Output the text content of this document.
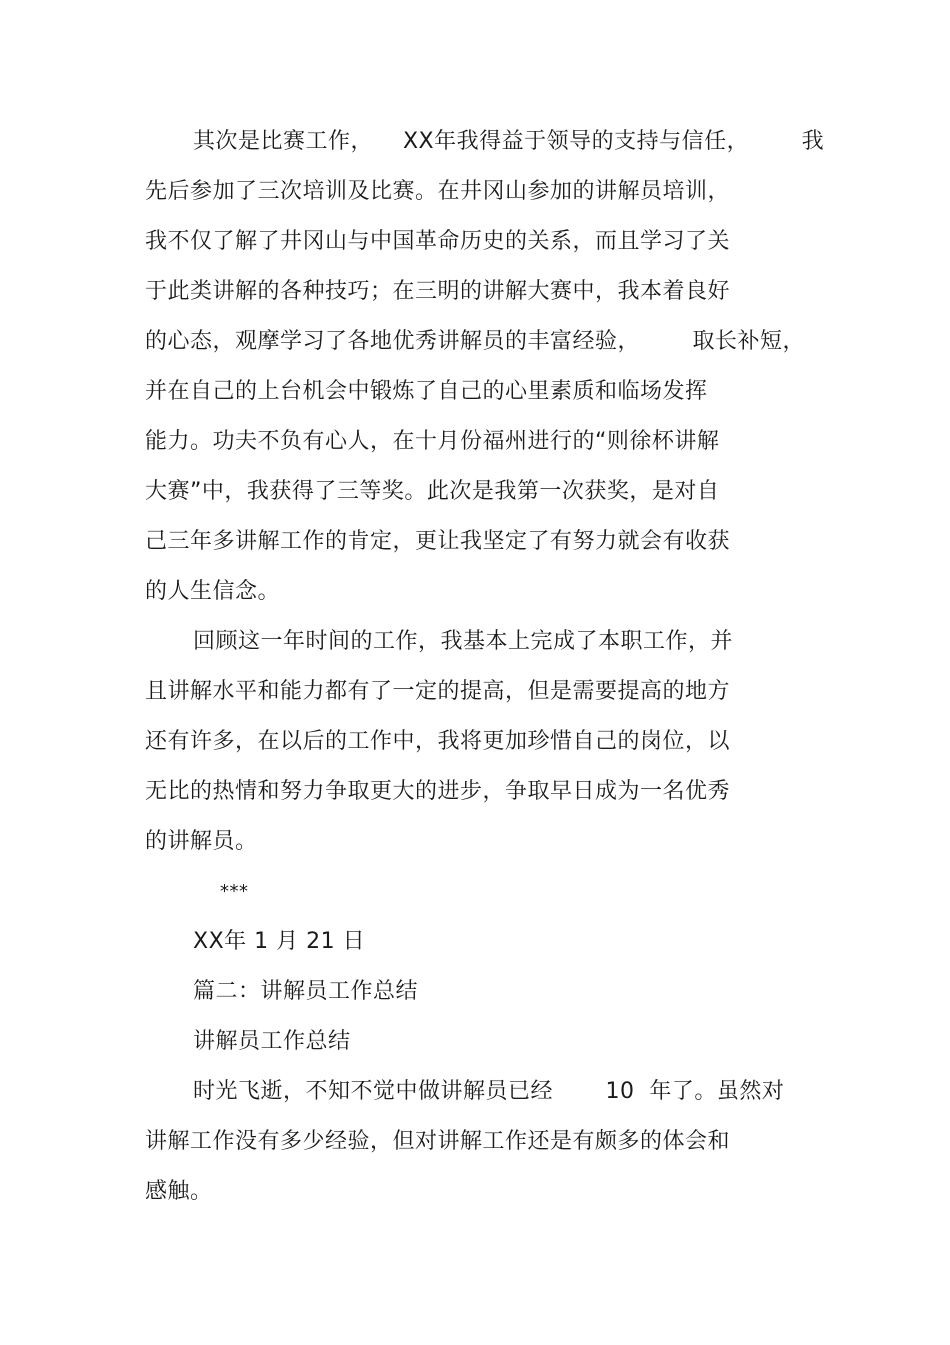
其次是比赛工作，    XX年我得益于领导的支持与信任，       我
先后参加了三次培训及比赛。在井冈山参加的讲解员培训，
我不仅了解了井冈山与中国革命历史的关系，而且学习了关
于此类讲解的各种技巧；在三明的讲解大赛中，我本着良好
的心态，观摩学习了各地优秀讲解员的丰富经验，       取长补短，
并在自己的上台机会中锻炼了自己的心里素质和临场发挥
能力。功夫不负有心人，在十月份福州进行的“则徐杯讲解
大赛”中，我获得了三等奖。此次是我第一次获奖，是对自
己三年多讲解工作的肯定，更让我坚定了有努力就会有收获
的人生信念。
回顾这一年时间的工作，我基本上完成了本职工作，并
且讲解水平和能力都有了一定的提高，但是需要提高的地方
还有许多，在以后的工作中，我将更加珍惜自己的岗位，以
无比的热情和努力争取更大的进步，争取早日成为一名优秀
的讲解员。
***
XX年 1 月 21 日
篇二：讲解员工作总结
讲解员工作总结
时光飞逝，不知不觉中做讲解员已经       10  年了。虽然对
讲解工作没有多少经验，但对讲解工作还是有颇多的体会和
感触。
